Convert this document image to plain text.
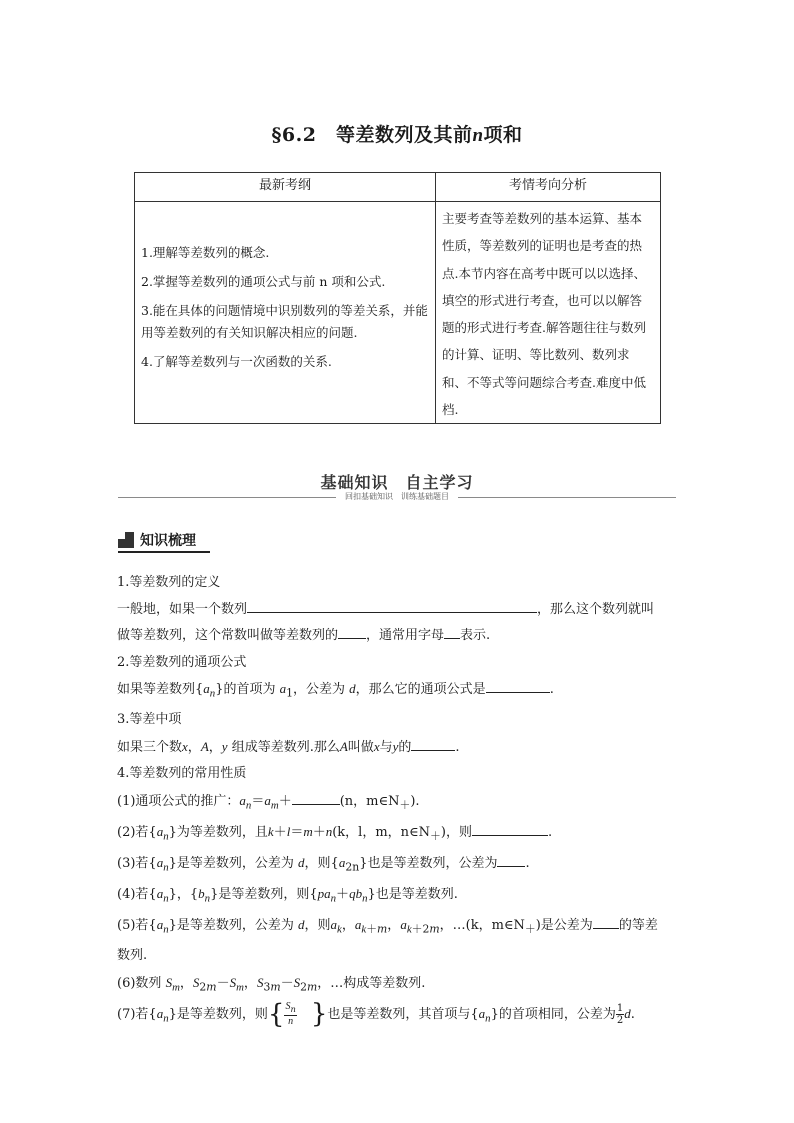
§6.2　等差数列及其前n项和
最新考纲	考情考向分析

1.理解等差数列的概念.
2.掌握等差数列的通项公式与前 n 项和公式.
3.能在具体的问题情境中识别数列的等差关系，并能用等差数列的有关知识解决相应的问题.
4.了解等差数列与一次函数的关系.	主要考查等差数列的基本运算、基本性质，等差数列的证明也是考查的热点.本节内容在高考中既可以以选择、填空的形式进行考查，也可以以解答题的形式进行考查.解答题往往与数列的计算、证明、等比数列、数列求和、不等式等问题综合考查.难度中低档.
基础知识　自主学习
回扣基础知识　训练基础题目
知识梳理

1.等差数列的定义

一般地，如果一个数列	，那么这个数列就叫

做等差数列，这个常数叫做等差数列的 ，通常用字母 表示.

2.等差数列的通项公式

如果等差数列$\{a_n\}$的首项为 $a_1$，公差为 d，那么它的通项公式是	.

3.等差中项

如果三个数x，A，y 组成等差数列.那么A叫做x与y的	.

4.等差数列的常用性质

(1)通项公式的推广：$a_n=a_m+$	(n，$m\in N_+$).

(2)若$\{a_n\}$为等差数列，且k＋l＝m＋n(k，l，m，$n\in N_+$)，则	.

(3)若$\{a_n\}$是等差数列，公差为 d，则$\{a_{2n}\}$也是等差数列，公差为 .

(4)若$\{a_n\}$，$\{b_n\}$是等差数列，则$\{pa_n+qb_n\}$也是等差数列.

(5)若$\{a_n\}$是等差数列，公差为 d，则$a_k$，$a_{k+m}$，$a_{k+2m}$，…(k，$m\in N_+$)是公差为 的等差

数列.

(6)数列 $S_m$，$S_{2m}-S_m$，$S_{3m}-S_{2m}$，…构成等差数列.

(7)若$\{a_n\}$是等差数列，则{ $\frac{S_n}{n}$ }也是等差数列，其首项与$\{a_n\}$的首项相同，公差为 $\frac{1}{2} d$.
